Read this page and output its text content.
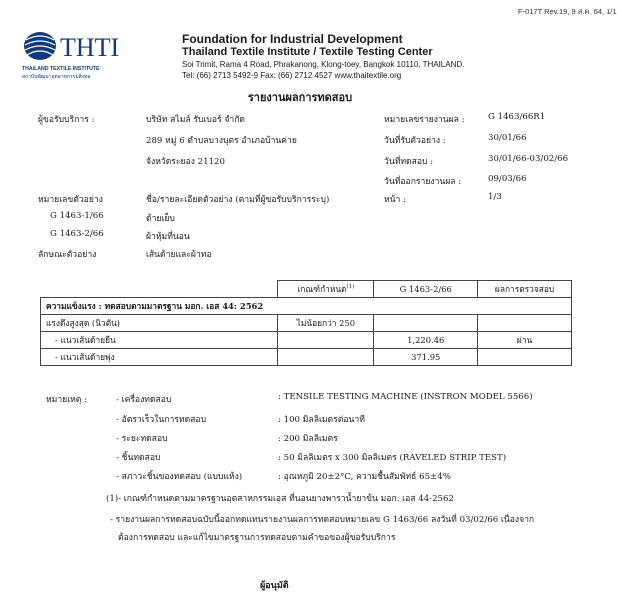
F-017T Rev.19, 9 ส.ค. 64, 1/1
THTI
THAILAND TEXTILE INSTITUTE
สถาบันพัฒนาอุตสาหกรรมสิ่งทอ
Foundation for Industrial Development
Thailand Textile Institute / Textile Testing Center
Soi Trimit, Rama 4 Road, Phrakanong, Klong-toey, Bangkok 10110, THAILAND.
Tel: (66) 2713 5492-9 Fax: (66) 2712 4527 www.thaitextile.org
รายงานผลการทดสอบ
ผู้ขอรับบริการ :	บริษัท สไมล์ รับเบอร์ จำกัด
289 หมู่ 6 ตำบลบางบุตร อำเภอบ้านค่าย
จังหวัดระยอง 21120
หมายเลขรายงานผล :	G 1463/66R1
วันที่รับตัวอย่าง :	30/01/66
วันที่ทดสอบ :	30/01/66-03/02/66
วันที่ออกรายงานผล :	09/03/66
หมายเลขตัวอย่าง	ชื่อ/รายละเอียดตัวอย่าง (ตามที่ผู้ขอรับบริการระบุ)	หน้า :	1/3
G 1463-1/66	ด้ายเย็บ
G 1463-2/66	ผ้าหุ้มที่นอน
ลักษณะตัวอย่าง	เส้นด้ายและผ้าทอ
	เกณฑ์กำหนด$^{(1)}$	G 1463-2/66	ผลการตรวจสอบ
ความแข็งแรง : ทดสอบตามมาตรฐาน มอก. เอส 44: 2562			
แรงดึงสูงสุด (นิวตัน)	ไม่น้อยกว่า 250		
- แนวเส้นด้ายยืน		1,220.46	ผ่าน
- แนวเส้นด้ายพุ่ง		371.95	
หมายเหตุ :	- เครื่องทดสอบ	: TENSILE TESTING MACHINE (INSTRON MODEL 5566)
- อัตราเร็วในการทดสอบ	: 100 มิลลิเมตรต่อนาที
- ระยะทดสอบ	: 200 มิลลิเมตร
- ชิ้นทดสอบ	: 50 มิลลิเมตร x 300 มิลลิเมตร (RAVELED STRIP TEST)
- สภาวะชิ้นของทดสอบ (แบบแห้ง)	: อุณหภูมิ 20±2°C, ความชื้นสัมพัทธ์ 65±4%
(1)- เกณฑ์กำหนดตามมาตรฐานอุตสาหกรรมเอส ที่นอนยางพาราน้ำยาข้น มอก. เอส 44-2562
- รายงานผลการทดสอบฉบับนี้ออกทดแทนรายงานผลการทดสอบหมายเลข G 1463/66 ลงวันที่ 03/02/66 เนื่องจาก
ต้องการทดสอบ และแก้ไขมาตรฐานการทดสอบตามคำขอของผู้ขอรับบริการ
ผู้อนุมัติ
